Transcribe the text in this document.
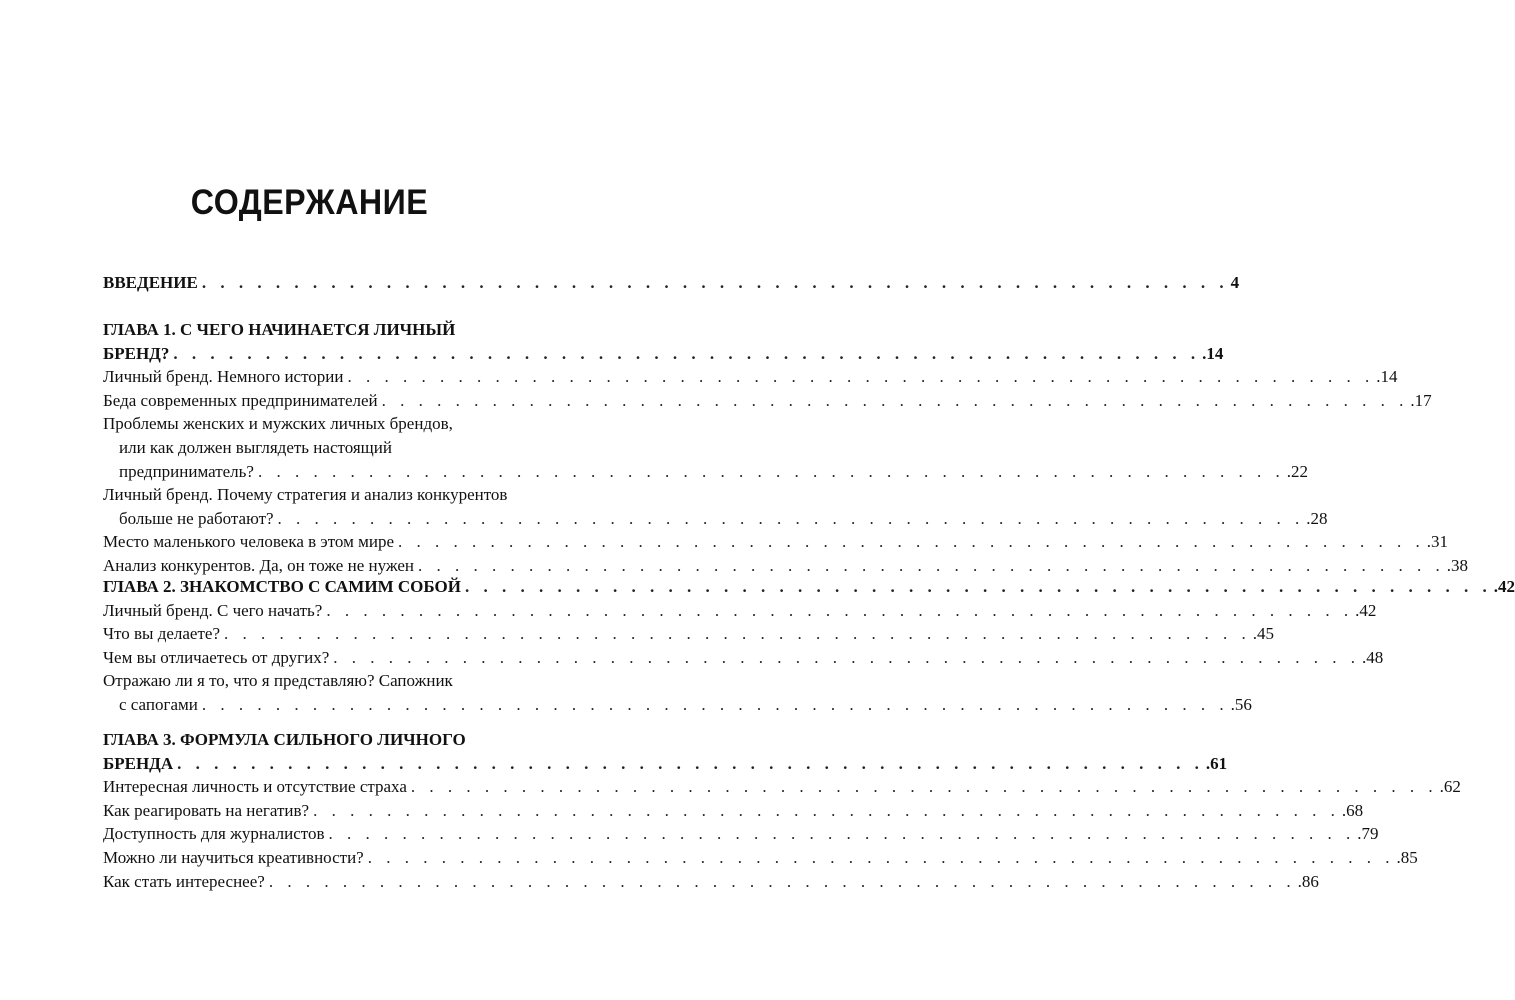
СОДЕРЖАНИЕ
ВВЕДЕНИЕ . . . . . . . . . . . . . . . . . . . . . . . . . . . . . . . . . . . . . . . . . . . . . . . . . . . . . . . . 4
ГЛАВА 1. С ЧЕГО НАЧИНАЕТСЯ ЛИЧНЫЙ
БРЕНД? . . . . . . . . . . . . . . . . . . . . . . . . . . . . . . . . . . . . . . . . . . . . . . . . . . . . . . . . .14
Личный бренд. Немного истории . . . . . . . . . . . . . . . . . . . . . . . . . . . . . . . . . . . . . . . . . . . . . . . . . . . . . . . . .14
Беда современных предпринимателей . . . . . . . . . . . . . . . . . . . . . . . . . . . . . . . . . . . . . . . . . . . . . . . . . . . . . . . . .17
Проблемы женских и мужских личных брендов,
или как должен выглядеть настоящий
предприниматель? . . . . . . . . . . . . . . . . . . . . . . . . . . . . . . . . . . . . . . . . . . . . . . . . . . . . . . . . .22
Личный бренд. Почему стратегия и анализ конкурентов
больше не работают? . . . . . . . . . . . . . . . . . . . . . . . . . . . . . . . . . . . . . . . . . . . . . . . . . . . . . . . . .28
Место маленького человека в этом мире . . . . . . . . . . . . . . . . . . . . . . . . . . . . . . . . . . . . . . . . . . . . . . . . . . . . . . . . .31
Анализ конкурентов. Да, он тоже не нужен . . . . . . . . . . . . . . . . . . . . . . . . . . . . . . . . . . . . . . . . . . . . . . . . . . . . . . . . .38
ГЛАВА 2. ЗНАКОМСТВО С САМИМ СОБОЙ . . . . . . . . . . . . . . . . . . . . . . . . . . . . . . . . . . . . . . . . . . . . . . . . . . . . . . . . .42
Личный бренд. С чего начать? . . . . . . . . . . . . . . . . . . . . . . . . . . . . . . . . . . . . . . . . . . . . . . . . . . . . . . . . .42
Что вы делаете? . . . . . . . . . . . . . . . . . . . . . . . . . . . . . . . . . . . . . . . . . . . . . . . . . . . . . . . . .45
Чем вы отличаетесь от других? . . . . . . . . . . . . . . . . . . . . . . . . . . . . . . . . . . . . . . . . . . . . . . . . . . . . . . . . .48
Отражаю ли я то, что я представляю? Сапожник
с сапогами . . . . . . . . . . . . . . . . . . . . . . . . . . . . . . . . . . . . . . . . . . . . . . . . . . . . . . . . .56
ГЛАВА 3. ФОРМУЛА СИЛЬНОГО ЛИЧНОГО
БРЕНДА . . . . . . . . . . . . . . . . . . . . . . . . . . . . . . . . . . . . . . . . . . . . . . . . . . . . . . . . .61
Интересная личность и отсутствие страха . . . . . . . . . . . . . . . . . . . . . . . . . . . . . . . . . . . . . . . . . . . . . . . . . . . . . . . . .62
Как реагировать на негатив? . . . . . . . . . . . . . . . . . . . . . . . . . . . . . . . . . . . . . . . . . . . . . . . . . . . . . . . . .68
Доступность для журналистов . . . . . . . . . . . . . . . . . . . . . . . . . . . . . . . . . . . . . . . . . . . . . . . . . . . . . . . . .79
Можно ли научиться креативности? . . . . . . . . . . . . . . . . . . . . . . . . . . . . . . . . . . . . . . . . . . . . . . . . . . . . . . . . .85
Как стать интереснее? . . . . . . . . . . . . . . . . . . . . . . . . . . . . . . . . . . . . . . . . . . . . . . . . . . . . . . . . .86
